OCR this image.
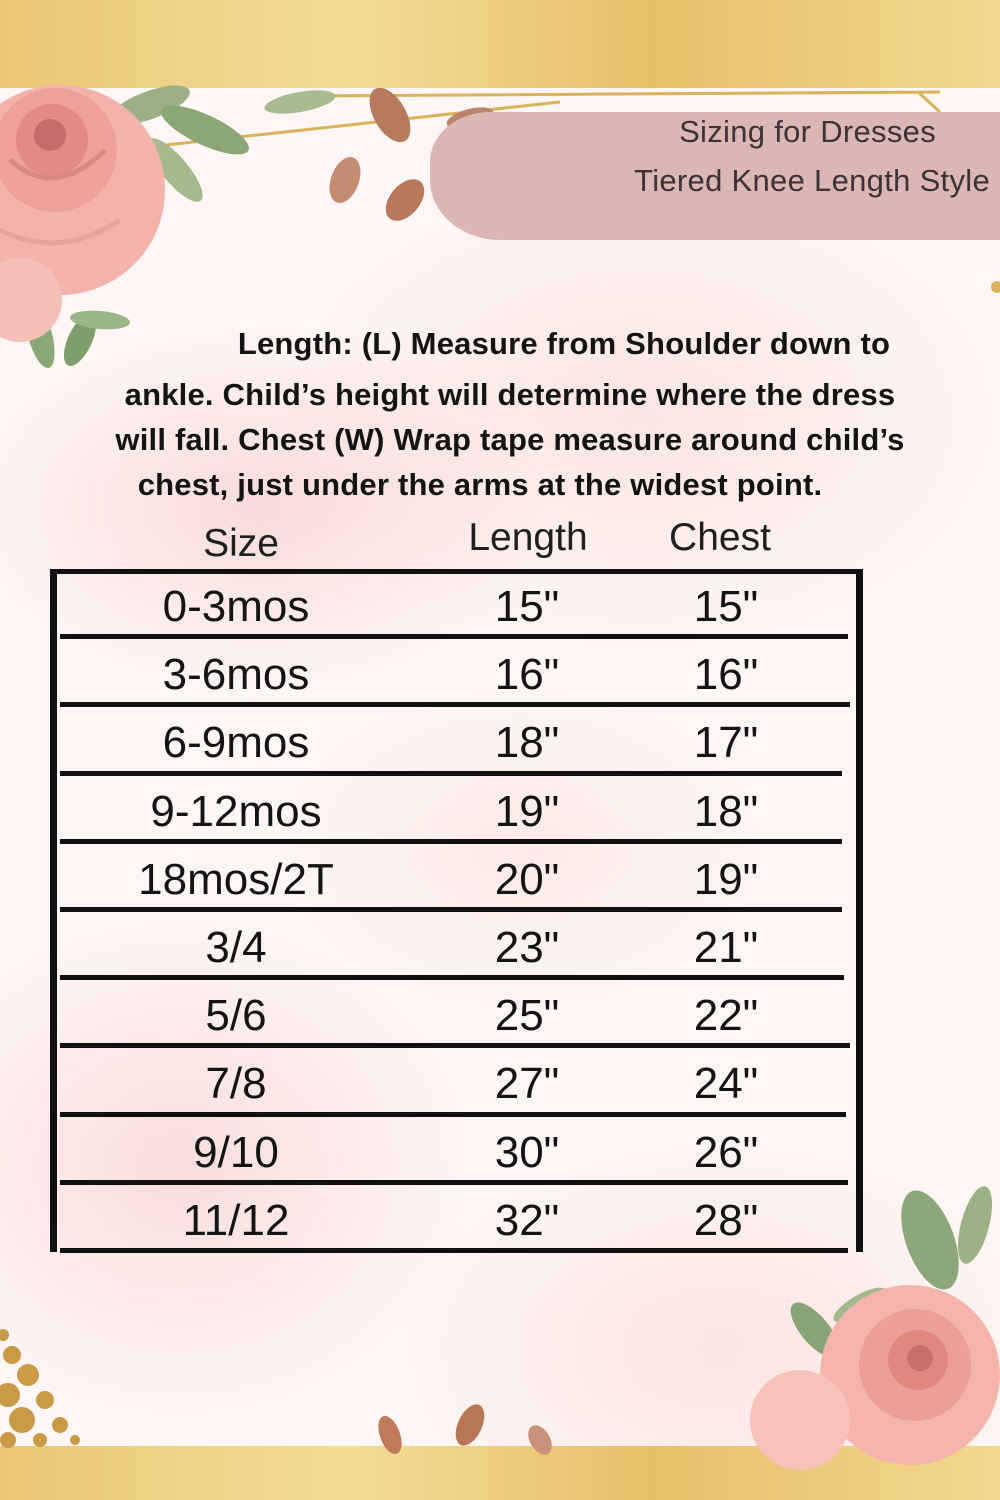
Sizing for Dresses
Tiered Knee Length Style
Length: (L) Measure from Shoulder down to
ankle. Child’s height will determine where the dress
will fall. Chest (W) Wrap tape measure around child’s
chest, just under the arms at the widest point.
Size	Length Chest
0-3mos	15"	15"
3-6mos	16"	16"
6-9mos	18"	17"
9-12mos	19"	18"
18mos/2T	20"	19"
3/4	23"	21"
5/6	25"	22"
7/8	27"	24"
9/10	30"	26"
11/12	32"	28"
